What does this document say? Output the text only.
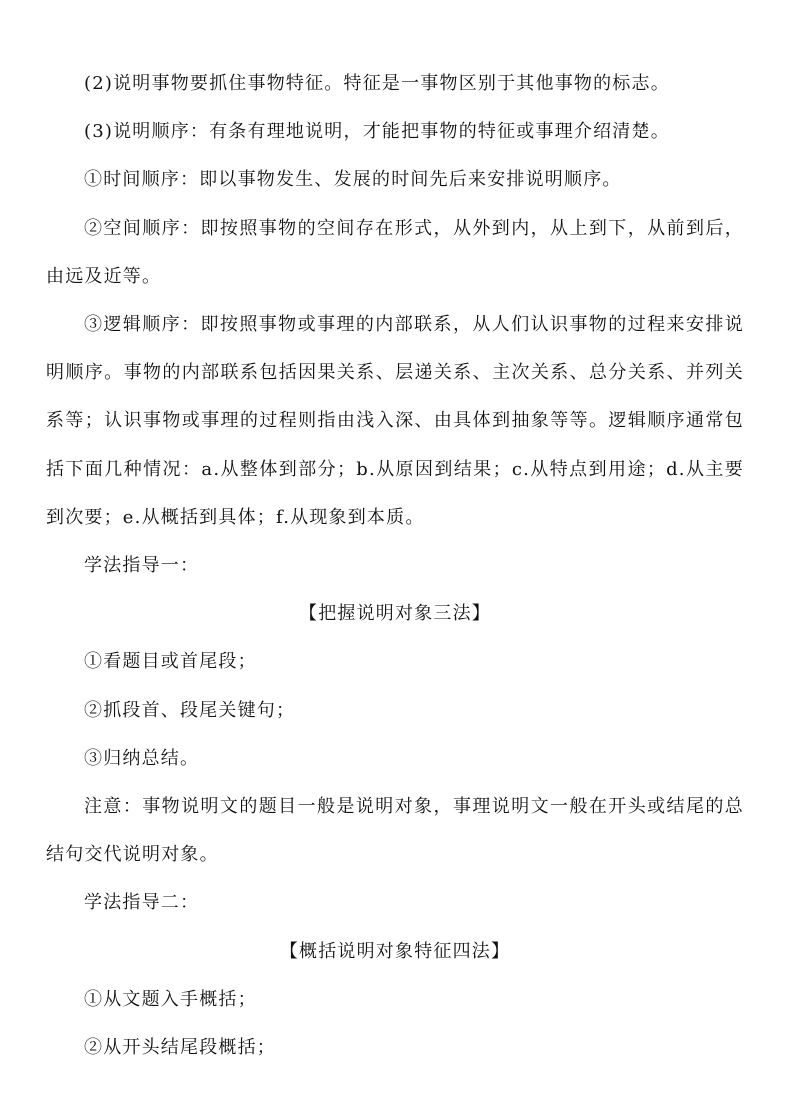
(2)说明事物要抓住事物特征。特征是一事物区别于其他事物的标志。

(3)说明顺序：有条有理地说明，才能把事物的特征或事理介绍清楚。

①时间顺序：即以事物发生、发展的时间先后来安排说明顺序。

②空间顺序：即按照事物的空间存在形式，从外到内，从上到下，从前到后，由远及近等。

③逻辑顺序：即按照事物或事理的内部联系，从人们认识事物的过程来安排说明顺序。事物的内部联系包括因果关系、层递关系、主次关系、总分关系、并列关系等；认识事物或事理的过程则指由浅入深、由具体到抽象等等。逻辑顺序通常包括下面几种情况：a.从整体到部分；b.从原因到结果；c.从特点到用途；d.从主要到次要；e.从概括到具体；f.从现象到本质。

学法指导一：

【把握说明对象三法】

①看题目或首尾段；

②抓段首、段尾关键句；

③归纳总结。

注意：事物说明文的题目一般是说明对象，事理说明文一般在开头或结尾的总结句交代说明对象。

学法指导二：

【概括说明对象特征四法】

①从文题入手概括；

②从开头结尾段概括；
